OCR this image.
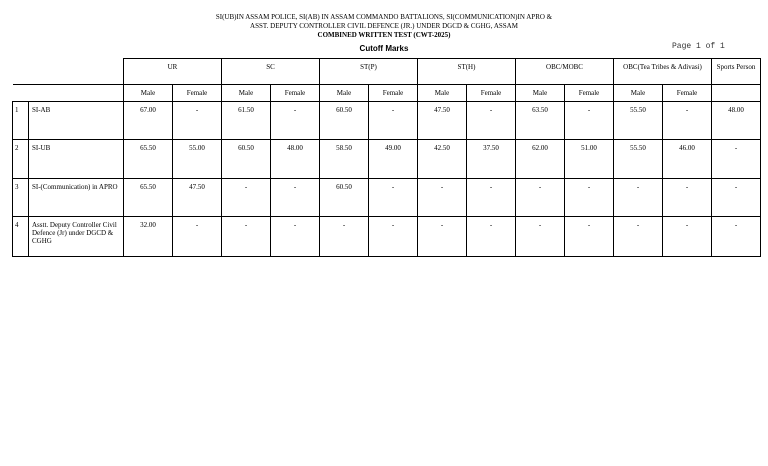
SI(UB)IN ASSAM POLICE, SI(AB) IN ASSAM COMMANDO BATTALIONS, SI(COMMUNICATION)IN APRO &
ASST. DEPUTY CONTROLLER CIVIL DEFENCE (JR.) UNDER DGCD & CGHG, ASSAM
COMBINED WRITTEN TEST (CWT-2025)
Cutoff Marks	Page 1 of 1
		UR		SC		ST(P)		ST(H)		OBC/MOBC		OBC(Tea Tribes & Adivasi)		Sports Person
		Male	Female	Male	Female	Male	Female	Male	Female	Male	Female	Male	Female	
1	SI-AB	67.00	-	61.50	-	60.50	-	47.50	-	63.50	-	55.50	-	48.00
2	SI-UB	65.50	55.00	60.50	48.00	58.50	49.00	42.50	37.50	62.00	51.00	55.50	46.00	-
3	SI-(Communication) in APRO	65.50	47.50	-	-	60.50	-	-	-	-	-	-	-	-
4	Asstt. Deputy Controller Civil Defence (Jr) under DGCD & CGHG	32.00	-	-	-	-	-	-	-	-	-	-	-	-
